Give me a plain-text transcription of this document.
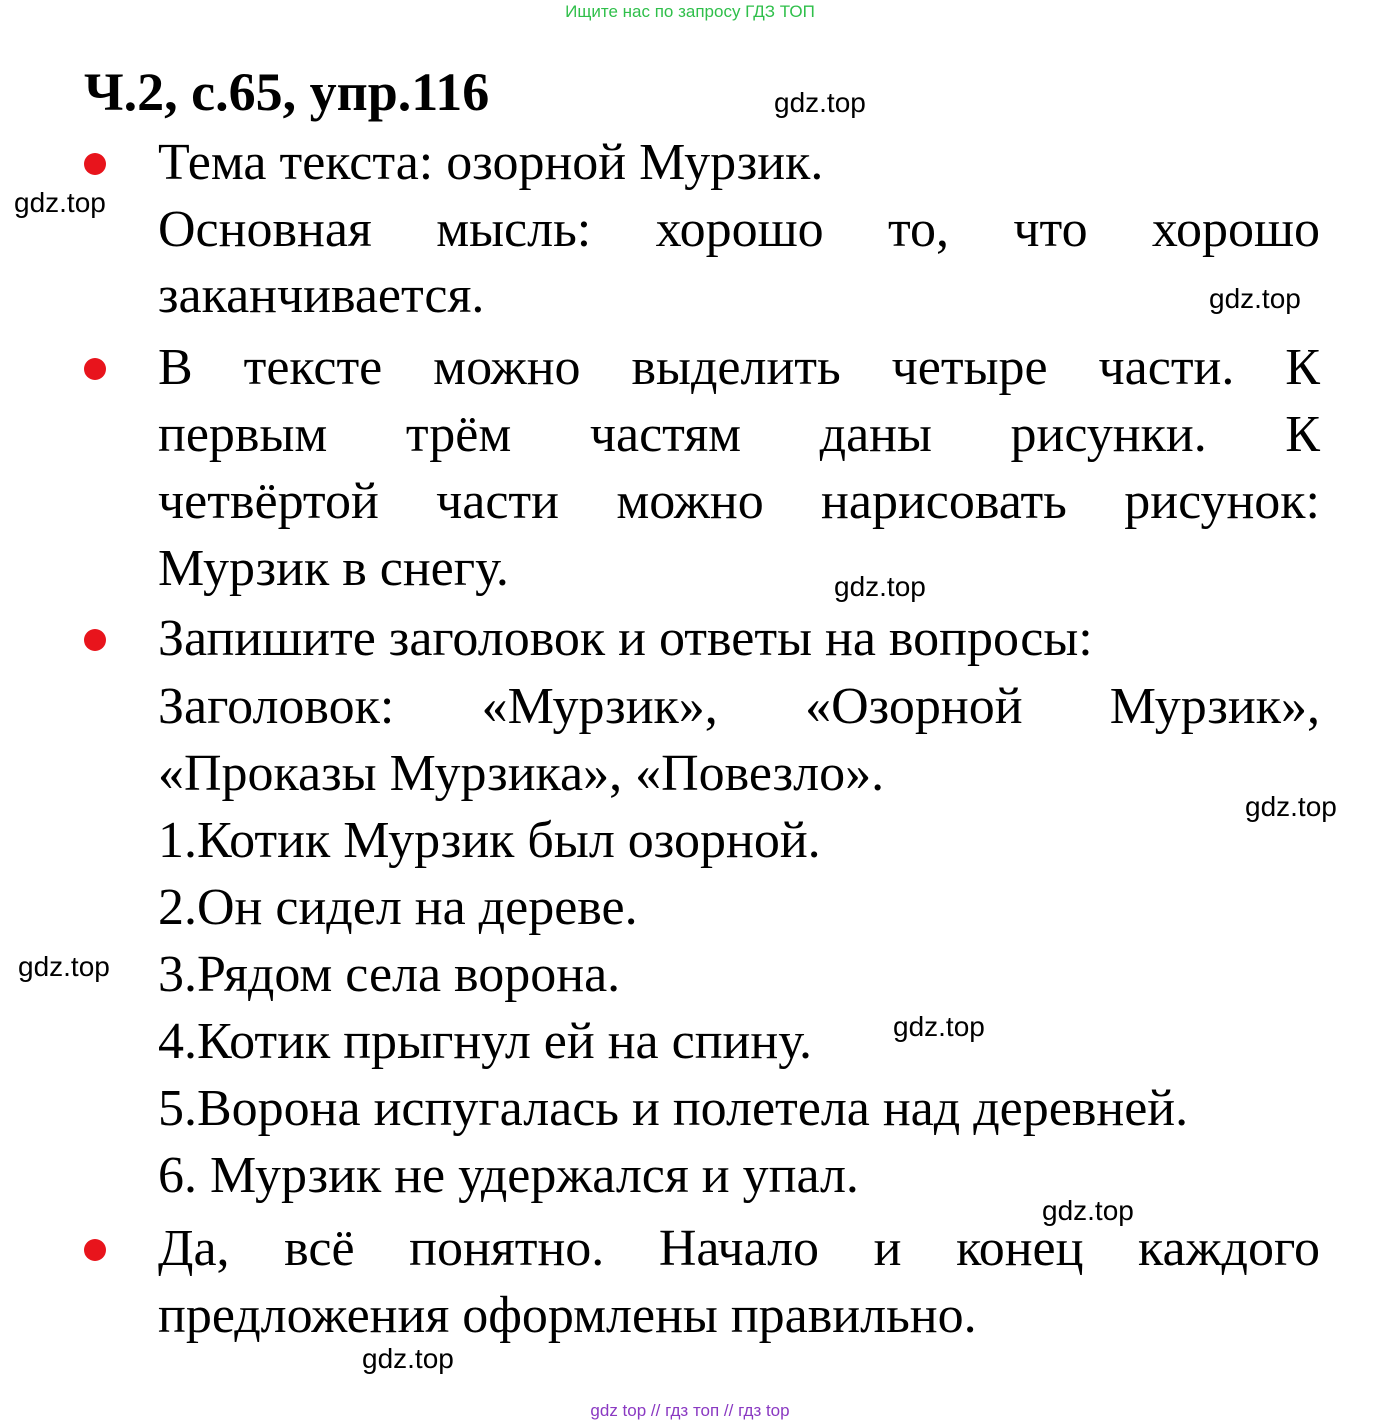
Ищите нас по запросу ГДЗ ТОП
Ч.2, с.65, упр.116	gdz.top
gdz.top
gdz.top
gdz.top
gdz.top
gdz.top
gdz.top
gdz.top
gdz.top
Тема текста: озорной Мурзик.
Основная мысль: хорошо то, что хорошо
заканчивается.
В тексте можно выделить четыре части. К
первым трём частям даны рисунки. К
четвёртой части можно нарисовать рисунок:
Мурзик в снегу.
Запишите заголовок и ответы на вопросы:
Заголовок: «Мурзик», «Озорной Мурзик»,
«Проказы Мурзика», «Повезло».
1.Котик Мурзик был озорной.
2.Он сидел на дереве.
3.Рядом села ворона.
4.Котик прыгнул ей на спину.
5.Ворона испугалась и полетела над деревней.
6. Мурзик не удержался и упал.
Да, всё понятно. Начало и конец каждого
предложения оформлены правильно.
gdz top // гдз топ // гдз top
